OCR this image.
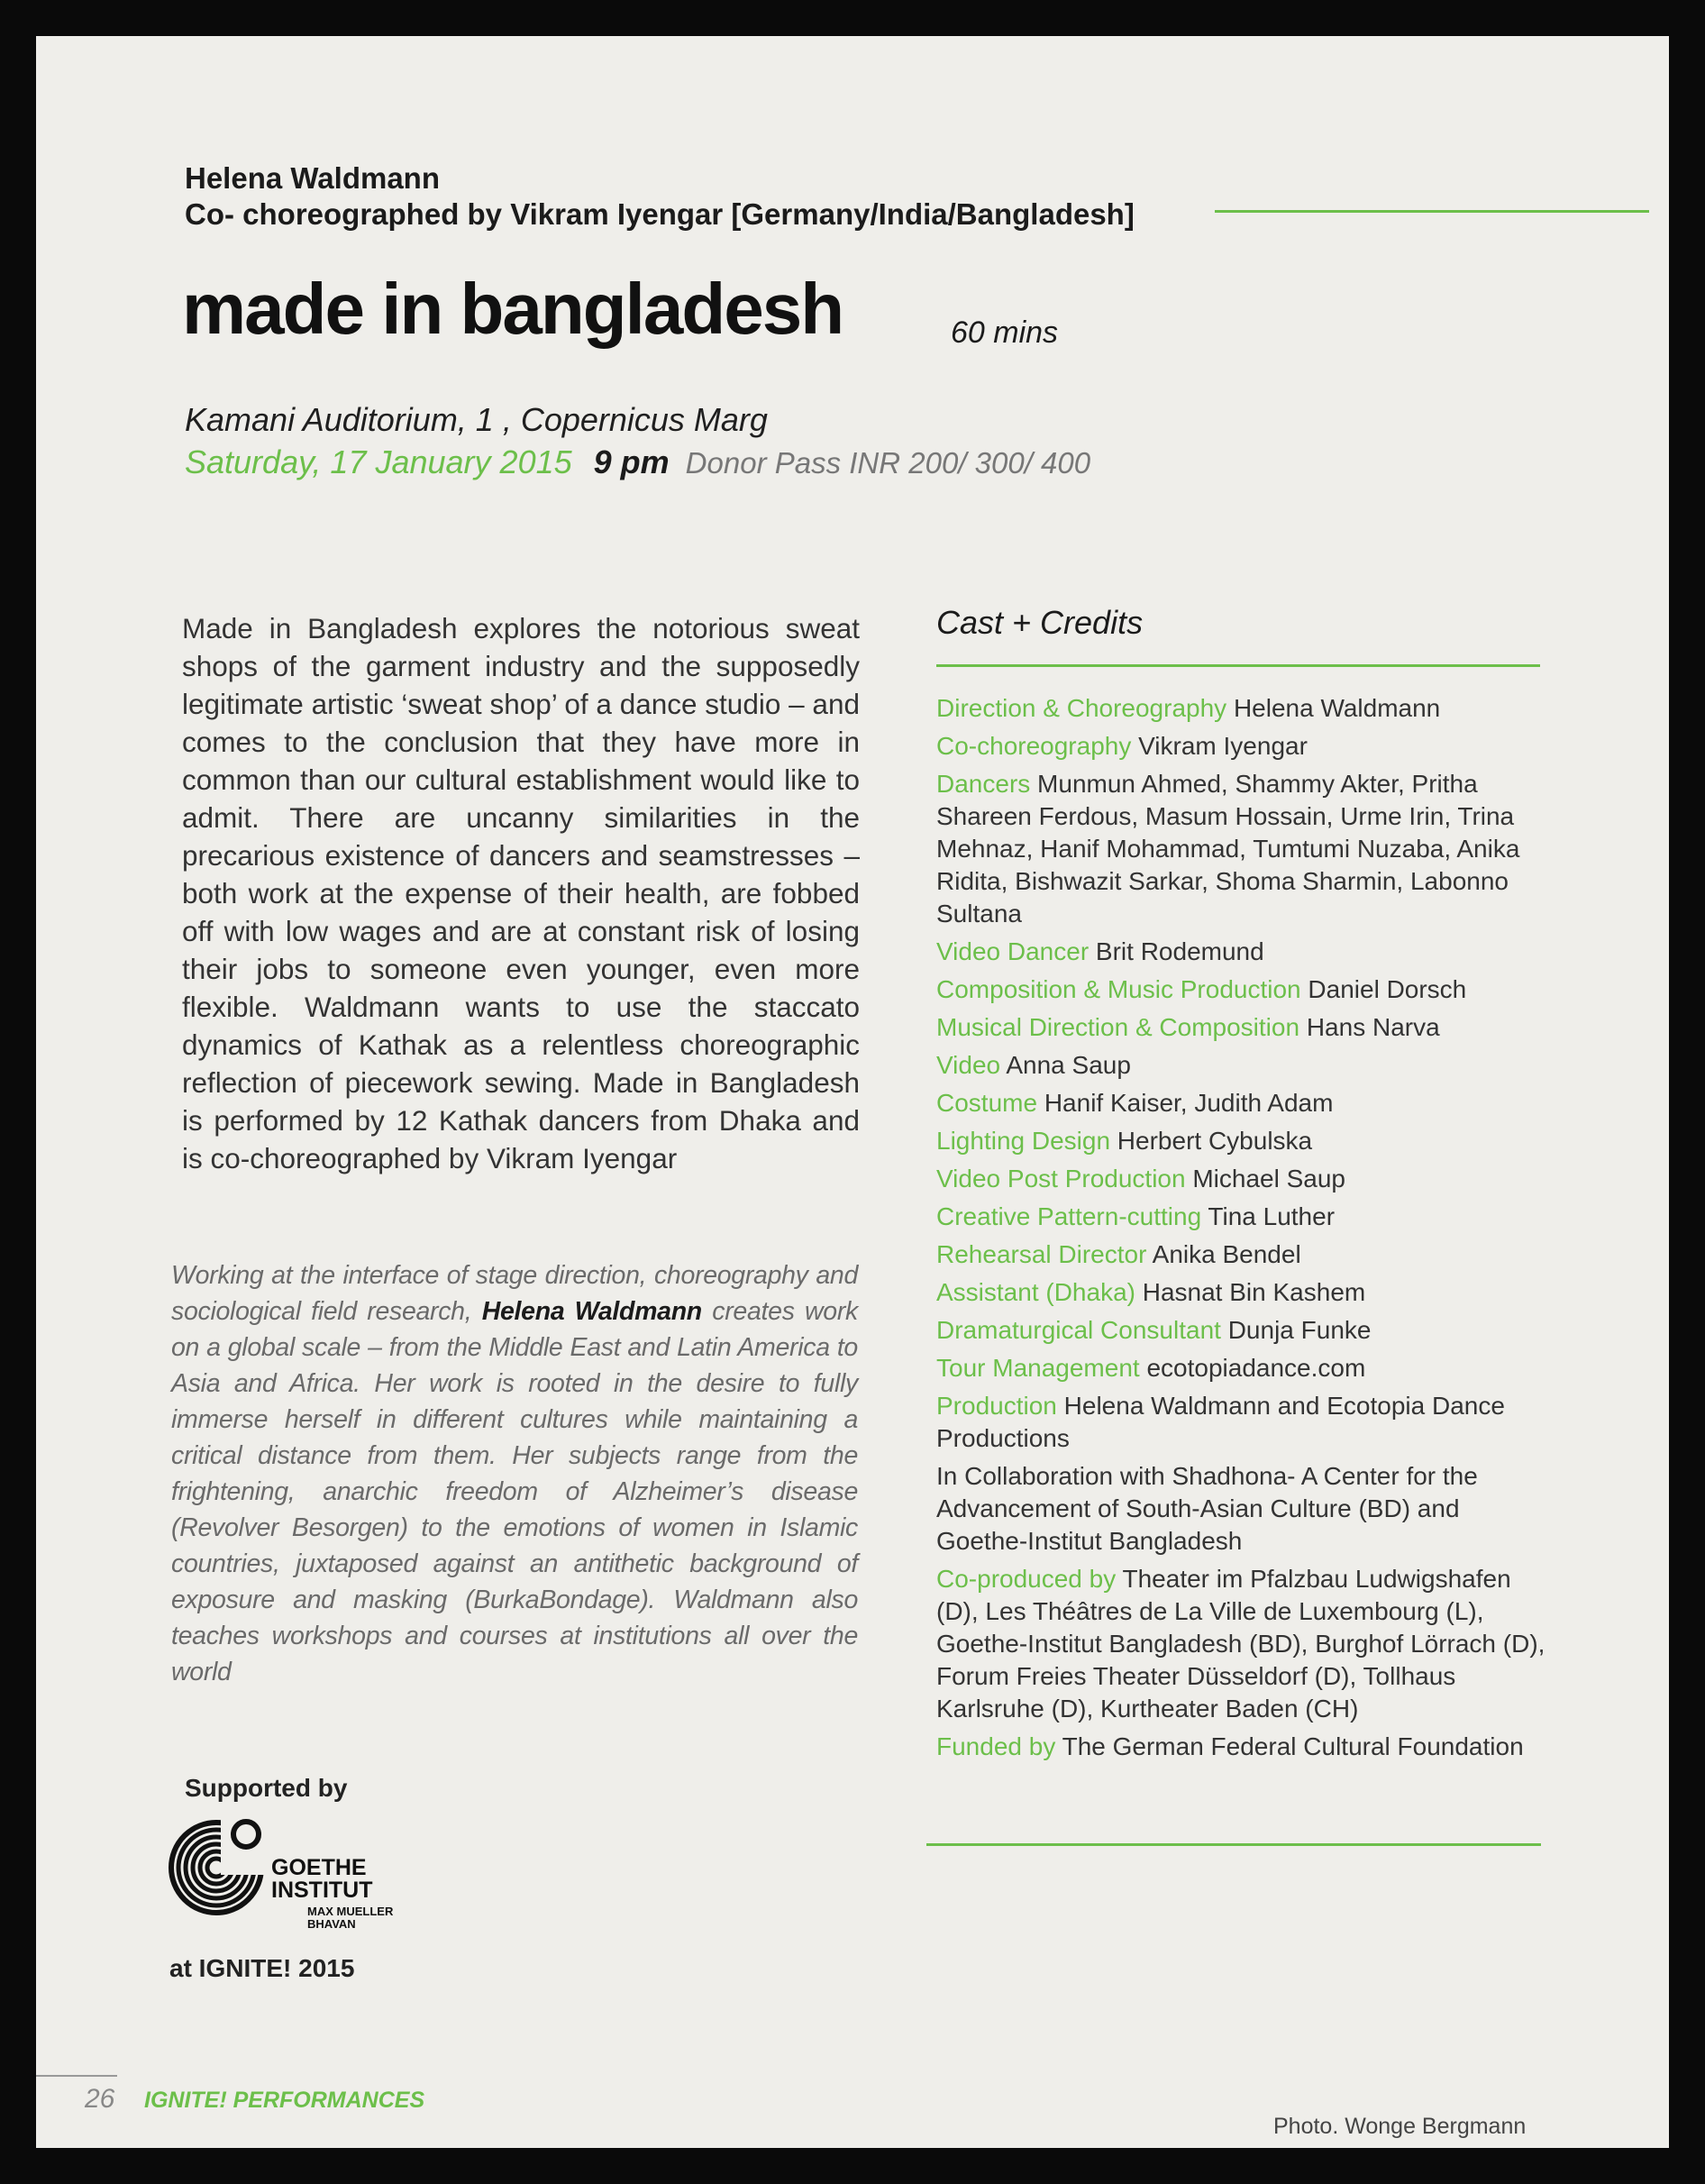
Helena Waldmann
Co- choreographed by Vikram Iyengar [Germany/India/Bangladesh]
made in bangladesh	60 mins
Kamani Auditorium, 1 , Copernicus Marg
Saturday, 17 January 2015 9 pm Donor Pass INR 200/ 300/ 400
Made in Bangladesh explores the notorious sweat shops of the garment industry and the supposedly legitimate artistic ‘sweat shop’ of a dance studio – and comes to the conclusion that they have more in common than our cultural establishment would like to admit. There are uncanny similarities in the precarious existence of dancers and seamstresses – both work at the expense of their health, are fobbed off with low wages and are at constant risk of losing their jobs to someone even younger, even more flexible. Waldmann wants to use the staccato dynamics of Kathak as a relentless choreographic reflection of piecework sewing. Made in Bangladesh is performed by 12 Kathak dancers from Dhaka and is co-choreographed by Vikram Iyengar
Working at the interface of stage direction, choreography and sociological field research, Helena Waldmann creates work on a global scale – from the Middle East and Latin America to Asia and Africa. Her work is rooted in the desire to fully immerse herself in different cultures while maintaining a critical distance from them. Her subjects range from the frightening, anarchic freedom of Alzheimer’s disease (Revolver Besorgen) to the emotions of women in Islamic countries, juxtaposed against an antithetic background of exposure and masking (BurkaBondage). Waldmann also teaches workshops and courses at institutions all over the world
Supported by
GOETHE
INSTITUT
MAX MUELLER
BHAVAN
at IGNITE! 2015
Cast + Credits
Direction & Choreography Helena Waldmann
Co-choreography Vikram Iyengar
Dancers Munmun Ahmed, Shammy Akter, Pritha Shareen Ferdous, Masum Hossain, Urme Irin, Trina Mehnaz, Hanif Mohammad, Tumtumi Nuzaba, Anika Ridita, Bishwazit Sarkar, Shoma Sharmin, Labonno Sultana
Video Dancer Brit Rodemund
Composition & Music Production Daniel Dorsch
Musical Direction & Composition Hans Narva
Video Anna Saup
Costume Hanif Kaiser, Judith Adam
Lighting Design Herbert Cybulska
Video Post Production Michael Saup
Creative Pattern-cutting Tina Luther
Rehearsal Director Anika Bendel
Assistant (Dhaka) Hasnat Bin Kashem
Dramaturgical Consultant Dunja Funke
Tour Management ecotopiadance.com
Production Helena Waldmann and Ecotopia Dance Productions
In Collaboration with Shadhona- A Center for the Advancement of South-Asian Culture (BD) and Goethe-Institut Bangladesh
Co-produced by Theater im Pfalzbau Ludwigshafen (D), Les Théâtres de La Ville de Luxembourg (L), Goethe-Institut Bangladesh (BD), Burghof Lörrach (D), Forum Freies Theater Düsseldorf (D), Tollhaus Karlsruhe (D), Kurtheater Baden (CH)
Funded by The German Federal Cultural Foundation
26 IGNITE! PERFORMANCES
Photo. Wonge Bergmann
